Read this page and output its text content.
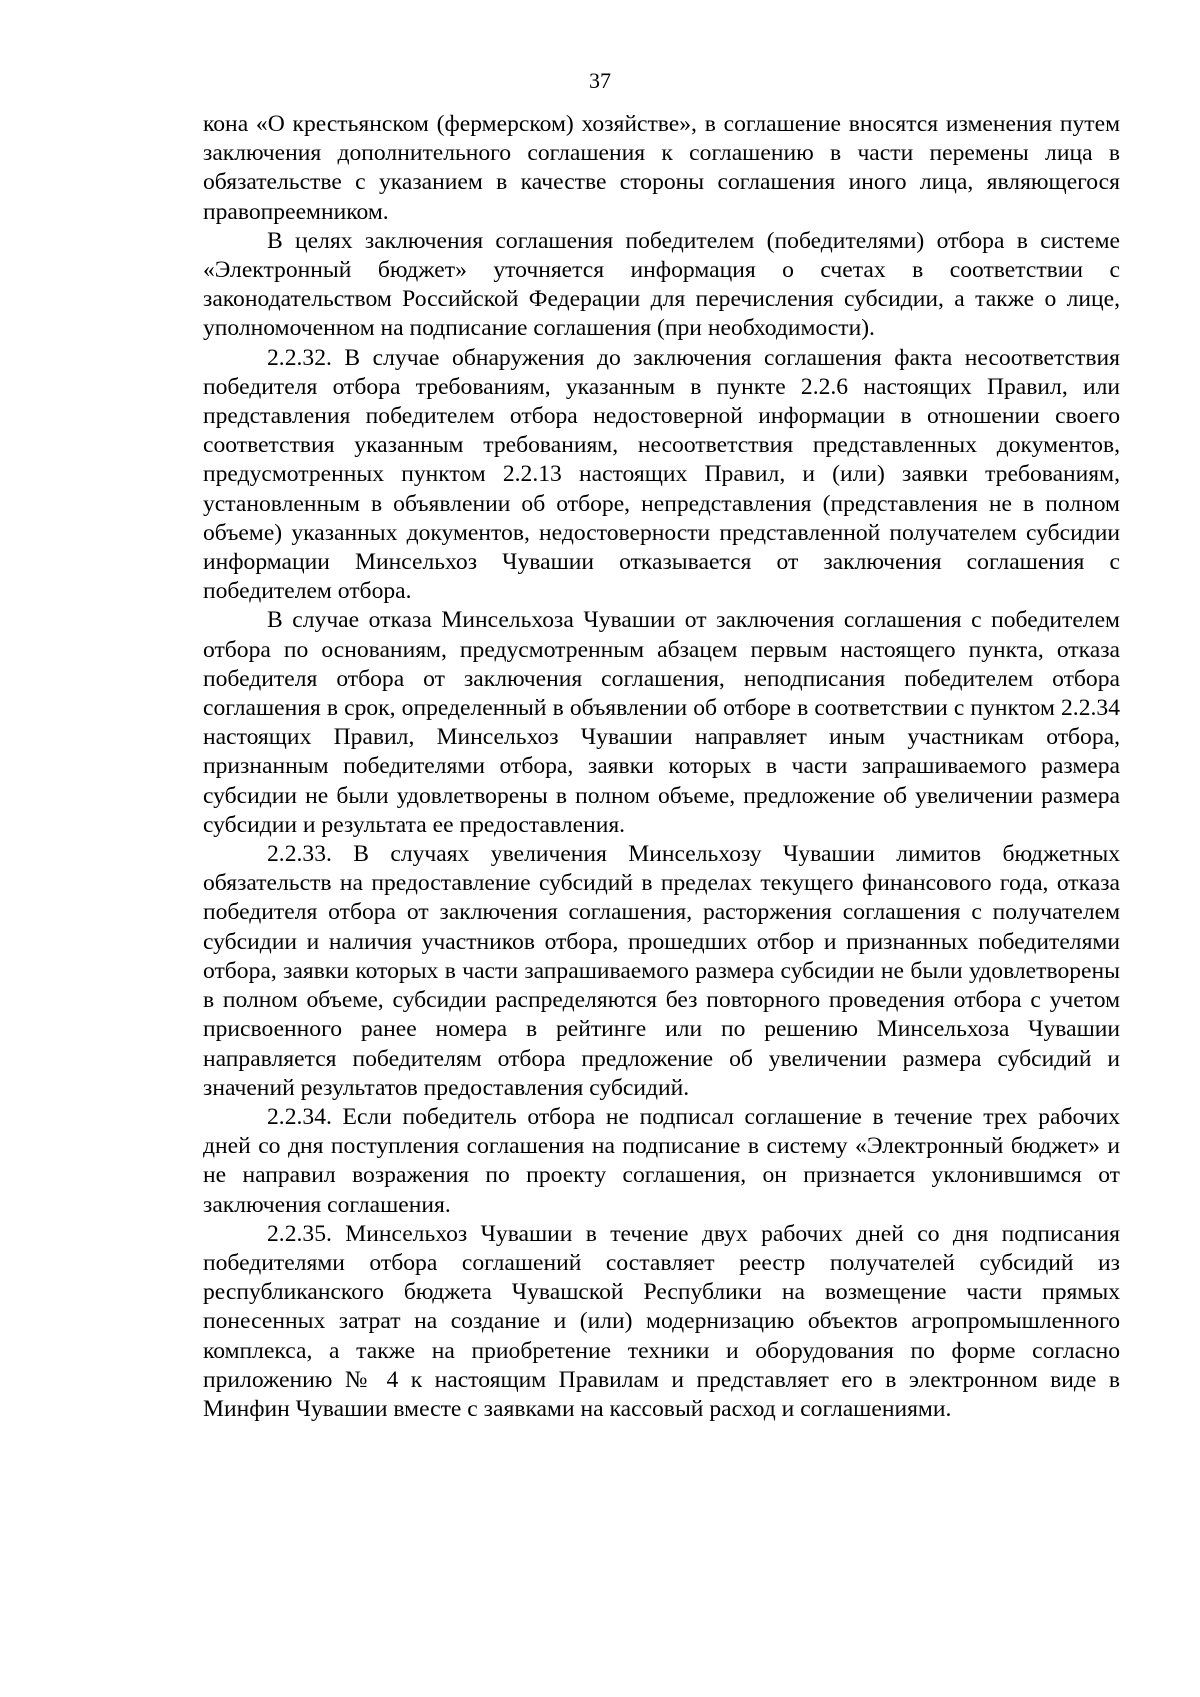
37

кона «О крестьянском (фермерском) хозяйстве», в соглашение вносятся изменения путем заключения дополнительного соглашения к соглашению в части перемены лица в обязательстве с указанием в качестве стороны соглашения иного лица, являющегося правопреемником.

В целях заключения соглашения победителем (победителями) отбора в системе «Электронный бюджет» уточняется информация о счетах в соответствии с законодательством Российской Федерации для перечисления субсидии, а также о лице, уполномоченном на подписание соглашения (при необходимости).

2.2.32. В случае обнаружения до заключения соглашения факта несоответствия победителя отбора требованиям, указанным в пункте 2.2.6 настоящих Правил, или представления победителем отбора недостоверной информации в отношении своего соответствия указанным требованиям, несоответствия представленных документов, предусмотренных пунктом 2.2.13 настоящих Правил, и (или) заявки требованиям, установленным в объявлении об отборе, непредставления (представления не в полном объеме) указанных документов, недостоверности представленной получателем субсидии информации Минсельхоз Чувашии отказывается от заключения соглашения с победителем отбора.

В случае отказа Минсельхоза Чувашии от заключения соглашения с победителем отбора по основаниям, предусмотренным абзацем первым настоящего пункта, отказа победителя отбора от заключения соглашения, неподписания победителем отбора соглашения в срок, определенный в объявлении об отборе в соответствии с пунктом 2.2.34 настоящих Правил, Минсельхоз Чувашии направляет иным участникам отбора, признанным победителями отбора, заявки которых в части запрашиваемого размера субсидии не были удовлетворены в полном объеме, предложение об увеличении размера субсидии и результата ее предоставления.

2.2.33. В случаях увеличения Минсельхозу Чувашии лимитов бюджетных обязательств на предоставление субсидий в пределах текущего финансового года, отказа победителя отбора от заключения соглашения, расторжения соглашения с получателем субсидии и наличия участников отбора, прошедших отбор и признанных победителями отбора, заявки которых в части запрашиваемого размера субсидии не были удовлетворены в полном объеме, субсидии распределяются без повторного проведения отбора с учетом присвоенного ранее номера в рейтинге или по решению Минсельхоза Чувашии направляется победителям отбора предложение об увеличении размера субсидий и значений результатов предоставления субсидий.

2.2.34. Если победитель отбора не подписал соглашение в течение трех рабочих дней со дня поступления соглашения на подписание в систему «Электронный бюджет» и не направил возражения по проекту соглашения, он признается уклонившимся от заключения соглашения.

2.2.35. Минсельхоз Чувашии в течение двух рабочих дней со дня подписания победителями отбора соглашений составляет реестр получателей субсидий из республиканского бюджета Чувашской Республики на возмещение части прямых понесенных затрат на создание и (или) модернизацию объектов агропромышленного комплекса, а также на приобретение техники и оборудования по форме согласно приложению № 4 к настоящим Правилам и представляет его в электронном виде в Минфин Чувашии вместе с заявками на кассовый расход и соглашениями.
